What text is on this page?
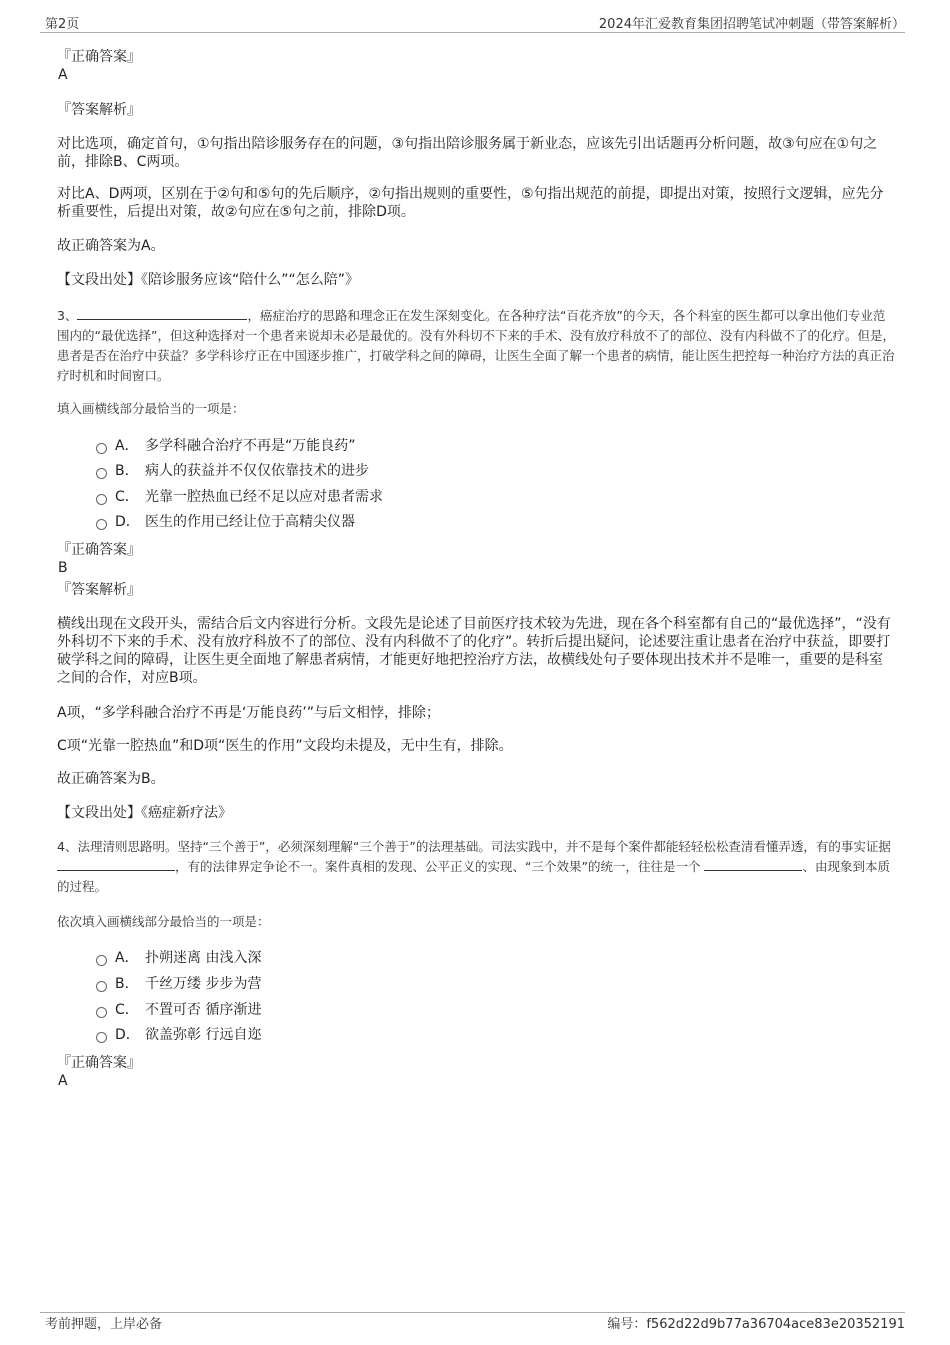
第2页	2024年汇爱教育集团招聘笔试冲刺题（带答案解析）
『正确答案』
A
『答案解析』
对比选项，确定首句，①句指出陪诊服务存在的问题，③句指出陪诊服务属于新业态，应该先引出话题再分析问题，故③句应在①句之前，排除B、C两项。
对比A、D两项，区别在于②句和⑤句的先后顺序，②句指出规则的重要性，⑤句指出规范的前提，即提出对策，按照行文逻辑，应先分析重要性，后提出对策，故②句应在⑤句之前，排除D项。
故正确答案为A。
【文段出处】《陪诊服务应该“陪什么”“怎么陪”》
3、	，癌症治疗的思路和理念正在发生深刻变化。在各种疗法“百花齐放”的今天，各个科室的医生都可以拿出他们专业范围内的“最优选择”，但这种选择对一个患者来说却未必是最优的。没有外科切不下来的手术、没有放疗科放不了的部位、没有内科做不了的化疗。但是，患者是否在治疗中获益？多学科诊疗正在中国逐步推广，打破学科之间的障碍，让医生全面了解一个患者的病情，能让医生把控每一种治疗方法的真正治疗时机和时间窗口。
填入画横线部分最恰当的一项是：
A． 多学科融合治疗不再是“万能良药”
B． 病人的获益并不仅仅依靠技术的进步
C． 光靠一腔热血已经不足以应对患者需求
D． 医生的作用已经让位于高精尖仪器
『正确答案』
B
『答案解析』
横线出现在文段开头，需结合后文内容进行分析。文段先是论述了目前医疗技术较为先进，现在各个科室都有自己的“最优选择”，“没有外科切不下来的手术、没有放疗科放不了的部位、没有内科做不了的化疗”。转折后提出疑问，论述要注重让患者在治疗中获益，即要打破学科之间的障碍，让医生更全面地了解患者病情，才能更好地把控治疗方法，故横线处句子要体现出技术并不是唯一，重要的是科室之间的合作，对应B项。
A项，“多学科融合治疗不再是‘万能良药’”与后文相悖，排除；
C项“光靠一腔热血”和D项“医生的作用”文段均未提及，无中生有，排除。
故正确答案为B。
【文段出处】《癌症新疗法》
4、法理清则思路明。坚持“三个善于”，必须深刻理解“三个善于”的法理基础。司法实践中，并不是每个案件都能轻轻松松查清看懂弄透，有的事实证据 ，有的法律界定争论不一。案件真相的发现、公平正义的实现、“三个效果”的统一，往往是一个	、由现象到本质的过程。
依次填入画横线部分最恰当的一项是：
A． 扑朔迷离 由浅入深
B． 千丝万缕 步步为营
C． 不置可否 循序渐进
D． 欲盖弥彰 行远自迩
『正确答案』
A
考前押题，上岸必备	编号：f562d22d9b77a36704ace83e20352191
